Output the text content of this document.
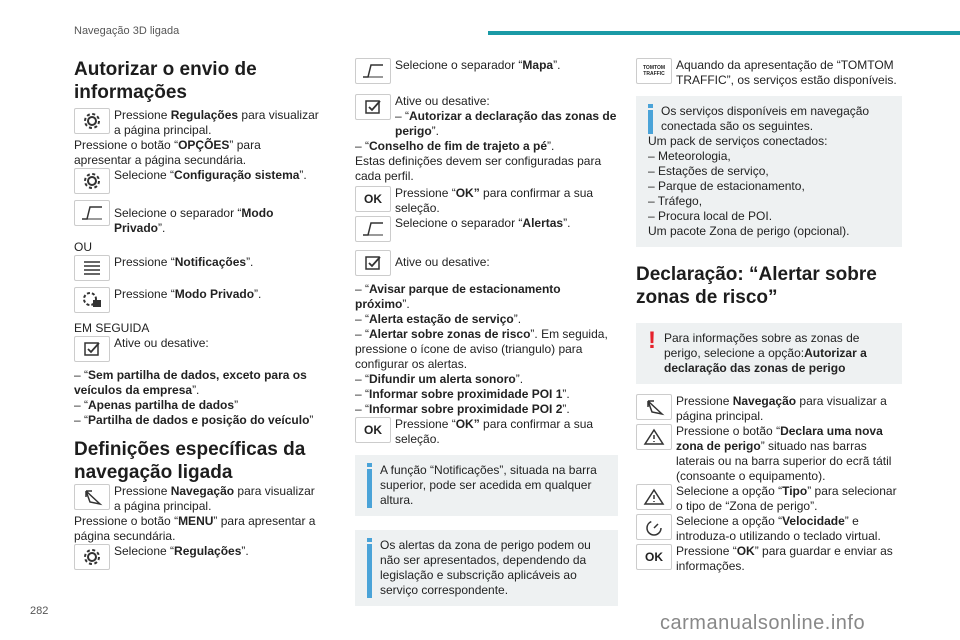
Navegação 3D ligada

Autorizar o envio de informações

Pressione Regulações para visualizar a página principal.

Pressione o botão “OPÇÕES” para apresentar a página secundária.

Selecione “Configuração sistema”.

Selecione o separador “Modo Privado”.

OU

Pressione “Notificações”.

Pressione “Modo Privado”.

EM SEGUIDA

Ative ou desative:

– “Sem partilha de dados, exceto para os veículos da empresa”.

– “Apenas partilha de dados”

– “Partilha de dados e posição do veículo”

Definições específicas da navegação ligada

Pressione Navegação para visualizar a página principal.

Pressione o botão “MENU” para apresentar a página secundária.

Selecione “Regulações”.

Selecione o separador “Mapa”.

Ative ou desative:
– “Autorizar a declaração das zonas de perigo”.

– “Conselho de fim de trajeto a pé”.

Estas definições devem ser configuradas para cada perfil.

OK	Pressione “OK” para confirmar a sua seleção.

Selecione o separador “Alertas”.

Ative ou desative:

– “Avisar parque de estacionamento próximo”.

– “Alerta estação de serviço”.

– “Alertar sobre zonas de risco”. Em seguida, pressione o ícone de aviso (triangulo) para configurar os alertas.

– “Difundir um alerta sonoro”.

– “Informar sobre proximidade POI 1”.

– “Informar sobre proximidade POI 2”.

OK	Pressione “OK” para confirmar a sua seleção.

A função “Notificações”, situada na barra superior, pode ser acedida em qualquer altura.

Os alertas da zona de perigo podem ou não ser apresentados, dependendo da legislação e subscrição aplicáveis ao serviço correspondente.

TOMTOM
TRAFFIC

Aquando da apresentação de “TOMTOM TRAFFIC”, os serviços estão disponíveis.

Os serviços disponíveis em navegação conectada são os seguintes.

Um pack de serviços conectados:

– Meteorologia,

– Estações de serviço,

– Parque de estacionamento,

– Tráfego,

– Procura local de POI.

Um pacote Zona de perigo (opcional).

Declaração: “Alertar sobre zonas de risco”

! Para informações sobre as zonas de perigo, selecione a opção:Autorizar a declaração das zonas de perigo

Pressione Navegação para visualizar a página principal.

Pressione o botão “Declara uma nova zona de perigo” situado nas barras laterais ou na barra superior do ecrã tátil (consoante o equipamento).

Selecione a opção “Tipo” para selecionar o tipo de “Zona de perigo”.

Selecione a opção “Velocidade” e introduza-o utilizando o teclado virtual.

OK	Pressione “OK” para guardar e enviar as informações.

282
carmanualsonline.info
